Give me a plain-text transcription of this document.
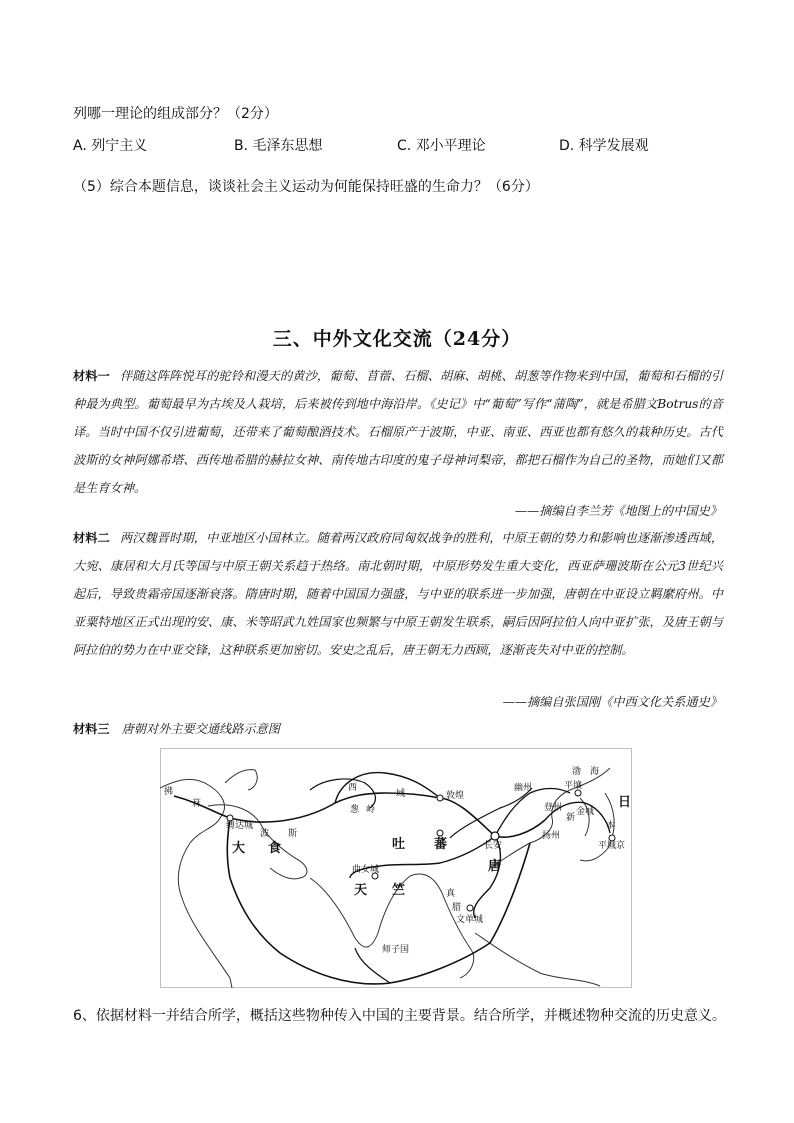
列哪一理论的组成部分？（2分）
A. 列宁主义	B. 毛泽东思想	C. 邓小平理论	D. 科学发展观
（5）综合本题信息，谈谈社会主义运动为何能保持旺盛的生命力？（6分）
三、中外文化交流（24分）
材料一 伴随这阵阵悦耳的驼铃和漫天的黄沙，葡萄、苜蓿、石榴、胡麻、胡桃、胡葱等作物来到中国，葡萄和石榴的引种最为典型。葡萄最早为古埃及人栽培，后来被传到地中海沿岸。《史记》中“葡萄”写作“蒲陶”，就是希腊文Botrus的音译。当时中国不仅引进葡萄，还带来了葡萄酿酒技术。石榴原产于波斯，中亚、南亚、西亚也都有悠久的栽种历史。古代波斯的女神阿娜希塔、西传地希腊的赫拉女神、南传地古印度的鬼子母神诃梨帝，都把石榴作为自己的圣物，而她们又都是生育女神。
——摘编自李兰芳《地图上的中国史》
材料二 两汉魏晋时期，中亚地区小国林立。随着两汉政府同匈奴战争的胜利，中原王朝的势力和影响也逐渐渗透西域，大宛、康居和大月氏等国与中原王朝关系趋于热络。南北朝时期，中原形势发生重大变化，西亚萨珊波斯在公元3世纪兴起后，导致贵霜帝国逐渐衰落。隋唐时期，随着中国国力强盛，与中亚的联系进一步加强，唐朝在中亚设立羁縻府州。中亚粟特地区正式出现的安、康、米等昭武九姓国家也频繁与中原王朝发生联系，嗣后因阿拉伯人向中亚扩张，及唐王朝与阿拉伯的势力在中亚交锋，这种联系更加密切。安史之乱后，唐王朝无力西顾，逐渐丧失对中亚的控制。
——摘编自张国刚《中西文化关系通史》
材料三 唐朝对外主要交通线路示意图
拂
菻
缚达城
波 斯
大 食
西
域
葱 岭
敦煌
吐 蕃
曲女城
天 竺
长安
唐
幽州
扬州
登州
渤 海
平壤
新
金城
日
本
平城京
真
腊
文单城
师子国
6、依据材料一并结合所学，概括这些物种传入中国的主要背景。结合所学，并概述物种交流的历史意义。
